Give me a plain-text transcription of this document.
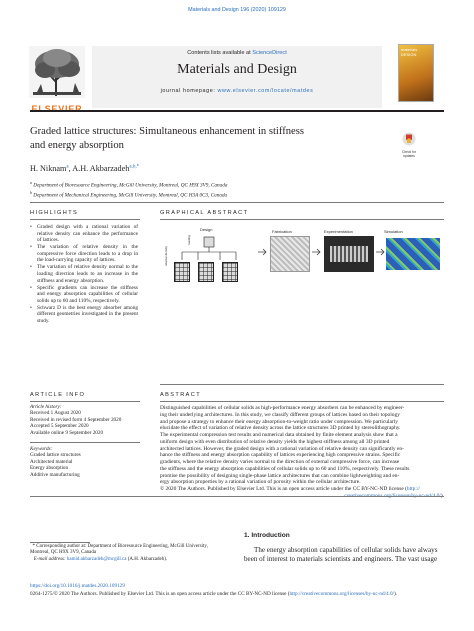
Materials and Design 196 (2020) 109129
ELSEVIER
Contents lists available at ScienceDirect
Materials and Design
journal homepage: www.elsevier.com/locate/matdes
materials DESIGN
Graded lattice structures: Simultaneous enhancement in stiffness
and energy absorption
Check for
updates
H. Niknam$^a$, A.H. Akbarzadeh$^{a,b,*}$
$^a$ Department of Bioresource Engineering, McGill University, Montreal, QC H9X 3V9, Canada
$^b$ Department of Mechanical Engineering, McGill University, Montreal, QC H3A 0C3, Canada
HIGHLIGHTS
• Graded design with a rational variation of relative density can enhance the performance of lattices.
• The variation of relative density in the compressive force direction leads to a drop in the load-carrying capacity of lattices.
• The variation of relative density normal to the loading direction leads to an increase in the stiffness and energy absorption.
• Specific gradients can increase the stiffness and energy absorption capabilities of cellular solids up to 60 and 110%, respectively.
• Schwarz D is the best energy absorber among different geometries investigated in the present study.
GRAPHICAL ABSTRACT
Design	Fabrication	Experimentation	Simulation
relative density
loading
ARTICLE INFO
Article history:
Received 1 August 2020
Received in revised form 4 September 2020
Accepted 5 September 2020
Available online 9 September 2020
Keywords:
Graded lattice structures
Architected material
Energy absorption
Additive manufacturing
ABSTRACT
Distinguished capabilities of cellular solids as high-performance energy absorbers can be enhanced by engineer-
ing their underlying architectures. In this study, we classify different groups of lattices based on their topology
and propose a strategy to enhance their energy absorption-to-weight ratio under compression. We particularly
elucidate the effect of variation of relative density across the lattice structures 3D printed by stereolithography.
The experimental compression test results and numerical data obtained by finite element analysis show that a
uniform design with even distribution of relative density yields the highest stiffness among all 3D printed
architected lattices. However, the graded design with a rational variation of relative density can significantly en-
hance the stiffness and energy absorption capability of lattices experiencing high compressive strains. Specific
gradients, where the relative density varies normal to the direction of external compressive force, can increase
the stiffness and the energy absorption capabilities of cellular solids up to 60 and 110%, respectively. These results
promise the possibility of designing single-phase lattice architectures that can combine lightweighting and en-
ergy absorption properties by a rational variation of porosity within the cellular architecture.
© 2020 The Authors. Published by Elsevier Ltd. This is an open access article under the CC BY-NC-ND license (http://
creativecommons.org/licenses/by-nc-nd/4.0/).
* Corresponding author at: Department of Bioresource Engineering, McGill University,
Montreal, QC H9X 3V9, Canada
E-mail address: hamid.akbarzadeh@mcgill.ca (A.H. Akbarzadeh).
1. Introduction
The energy absorption capabilities of cellular solids have always
been of interest to materials scientists and engineers. The vast usage
https://doi.org/10.1016/j.matdes.2020.109129
0264-1275/© 2020 The Authors. Published by Elsevier Ltd. This is an open access article under the CC BY-NC-ND license (http://creativecommons.org/licenses/by-nc-nd/4.0/).
